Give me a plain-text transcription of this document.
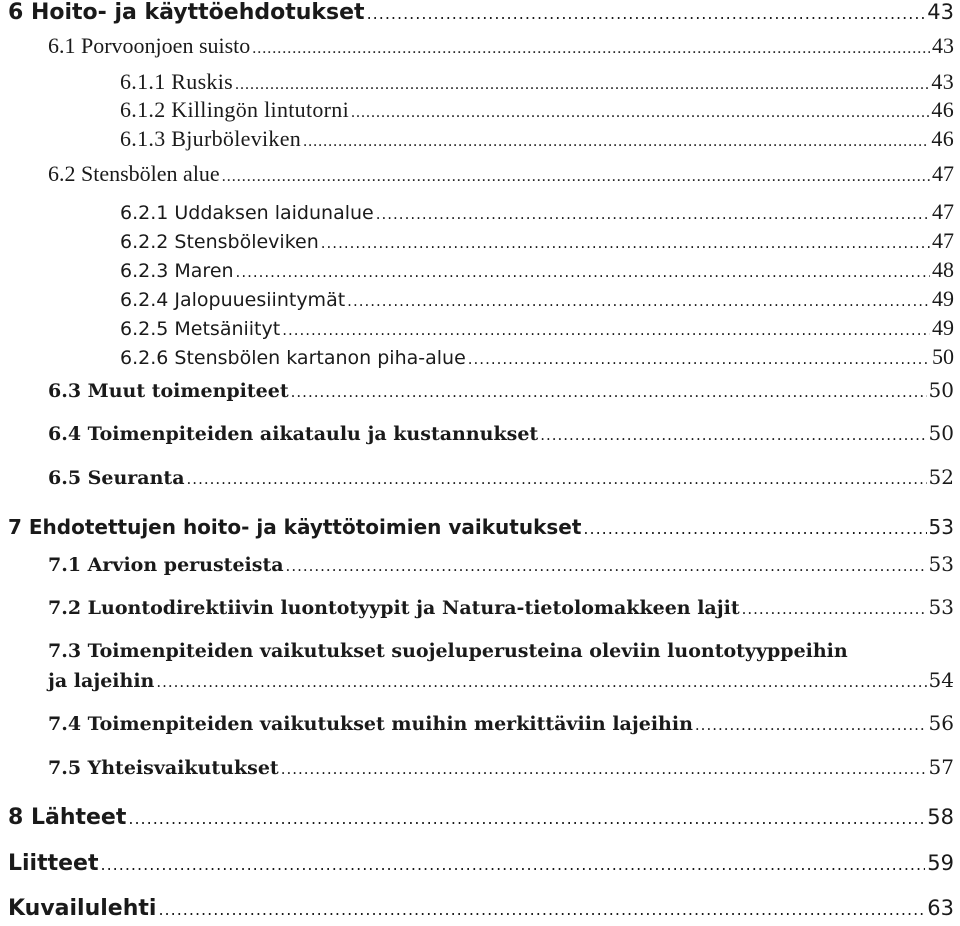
6 Hoito- ja käyttöehdotukset .....	43
6.1 Porvoonjoen suisto .....	43
6.1.1 Ruskis .....	43
6.1.2 Killingön lintutorni .....	46
6.1.3 Bjurböleviken .....	46
6.2 Stensbölen alue .....	47
6.2.1 Uddaksen laidunalue .....	47
6.2.2 Stensböleviken .....	47
6.2.3 Maren .....	48
6.2.4 Jalopuuesiintymät .....	49
6.2.5 Metsäniityt .....	49
6.2.6 Stensbölen kartanon piha-alue .....	50
6.3 Muut toimenpiteet .....	50
6.4 Toimenpiteiden aikataulu ja kustannukset .....	50
6.5 Seuranta .....	52
7 Ehdotettujen hoito- ja käyttötoimien vaikutukset .....	53
7.1 Arvion perusteista .....	53
7.2 Luontodirektiivin luontotyypit ja Natura-tietolomakkeen lajit .....	53
7.3 Toimenpiteiden vaikutukset suojeluperusteina oleviin luontotyyppeihin
ja lajeihin .....	54
7.4 Toimenpiteiden vaikutukset muihin merkittäviin lajeihin .....	56
7.5 Yhteisvaikutukset .....	57
8 Lähteet .....	58
Liitteet .....	59
Kuvailulehti .....	63
